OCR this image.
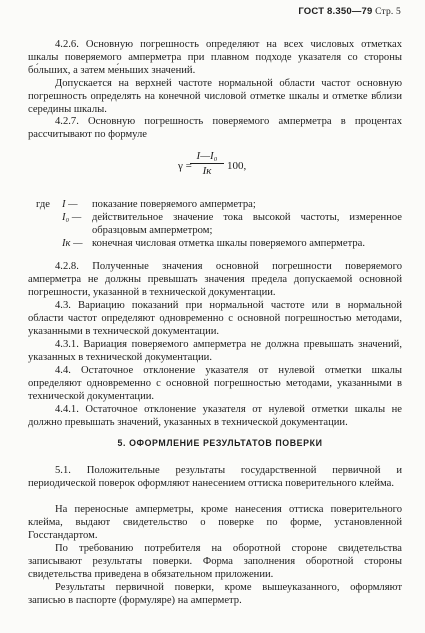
ГОСТ 8.350—79 Стр. 5

4.2.6. Основную погрешность определяют на всех числовых отметках шкалы поверяемого амперметра при плавном подходе указателя со стороны бо́льших, а затем ме́ньших значений.

Допускается на верхней частоте нормальной области частот основную погрешность определять на конечной числовой отметке шкалы и отметке вблизи середины шкалы.

4.2.7. Основную погрешность поверяемого амперметра в процентах рассчитывают по формуле

γ =
I—I₀
Iк	100,
где I — показание поверяемого амперметра;
I₀ — действительное значение тока высокой частоты, измеренное образцовым амперметром;
Iк — конечная числовая отметка шкалы поверяемого амперметра.

4.2.8. Полученные значения основной погрешности поверяемого амперметра не должны превышать значения предела допускаемой основной погрешности, указанной в технической документации.

4.3. Вариацию показаний при нормальной частоте или в нормальной области частот определяют одновременно с основной погрешностью методами, указанными в технической документации.

4.3.1. Вариация поверяемого амперметра не должна превышать значений, указанных в технической документации.

4.4. Остаточное отклонение указателя от нулевой отметки шкалы определяют одновременно с основной погрешностью методами, указанными в технической документации.

4.4.1. Остаточное отклонение указателя от нулевой отметки шкалы не должно превышать значений, указанных в технической документации.

5. ОФОРМЛЕНИЕ РЕЗУЛЬТАТОВ ПОВЕРКИ

5.1. Положительные результаты государственной первичной и периодической поверок оформляют нанесением оттиска поверительного клейма.

На переносные амперметры, кроме нанесения оттиска поверительного клейма, выдают свидетельство о поверке по форме, установленной Госстандартом.

По требованию потребителя на оборотной стороне свидетельства записывают результаты поверки. Форма заполнения оборотной стороны свидетельства приведена в обязательном приложении.

Результаты первичной поверки, кроме вышеуказанного, оформляют записью в паспорте (формуляре) на амперметр.
